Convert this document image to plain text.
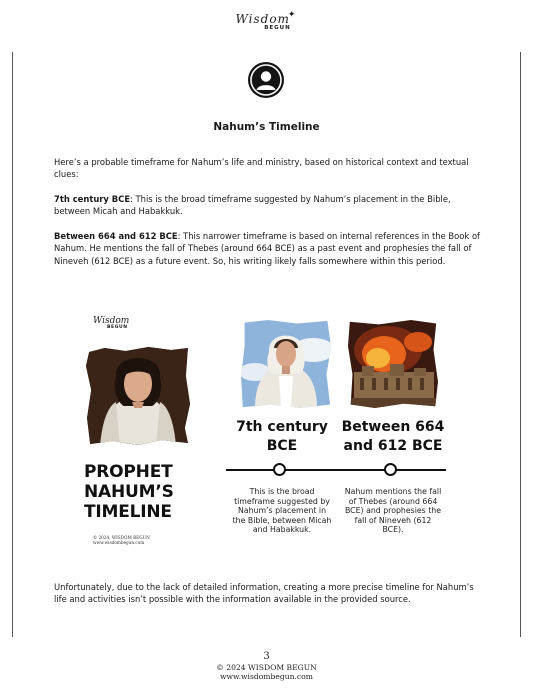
Wisdom✦
BEGUN
Nahum’s Timeline
Here’s a probable timeframe for Nahum’s life and ministry, based on historical context and textual clues:
7th century BCE: This is the broad timeframe suggested by Nahum’s placement in the Bible, between Micah and Habakkuk.
Between 664 and 612 BCE: This narrower timeframe is based on internal references in the Book of Nahum. He mentions the fall of Thebes (around 664 BCE) as a past event and prophesies the fall of Nineveh (612 BCE) as a future event. So, his writing likely falls somewhere within this period.
Wisdom
BEGUN
PROPHET
NAHUM’S
TIMELINE
© 2024, WISDOM BEGUN
www.wisdombegun.com
7th century
BCE
Between 664
and 612 BCE
This is the broad timeframe suggested by Nahum’s placement in the Bible, between Micah and Habakkuk.
Nahum mentions the fall of Thebes (around 664 BCE) and prophesies the fall of Nineveh (612 BCE).
Unfortunately, due to the lack of detailed information, creating a more precise timeline for Nahum’s life and activities isn’t possible with the information available in the provided source.
3
© 2024 WISDOM BEGUN
www.wisdombegun.com
